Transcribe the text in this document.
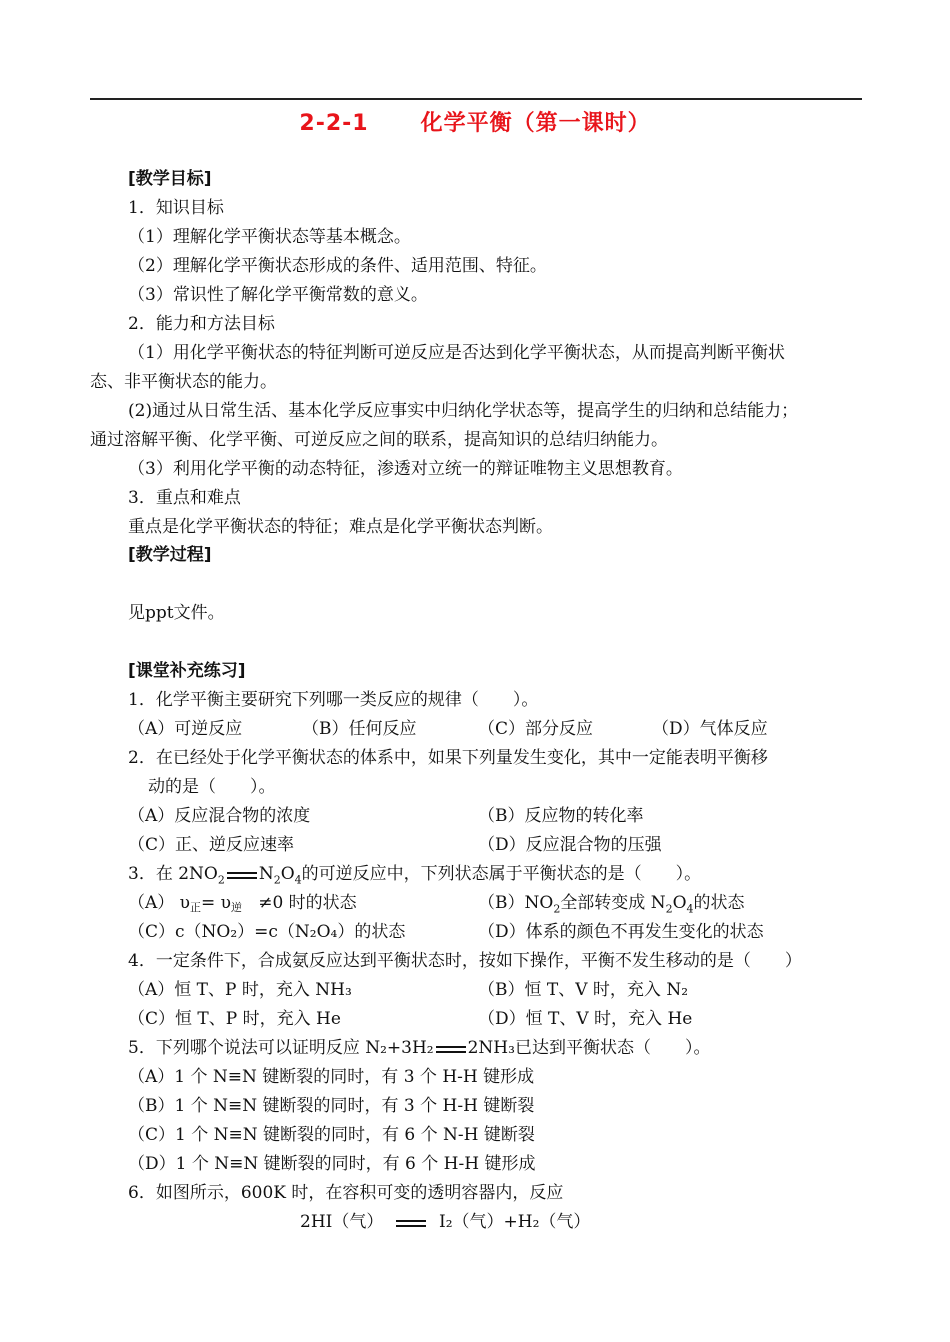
2-2-1 化学平衡（第一课时）
[教学目标]
1．知识目标
（1）理解化学平衡状态等基本概念。
（2）理解化学平衡状态形成的条件、适用范围、特征。
（3）常识性了解化学平衡常数的意义。
2．能力和方法目标
（1）用化学平衡状态的特征判断可逆反应是否达到化学平衡状态，从而提高判断平衡状
态、非平衡状态的能力。
(2)通过从日常生活、基本化学反应事实中归纳化学状态等，提高学生的归纳和总结能力；
通过溶解平衡、化学平衡、可逆反应之间的联系，提高知识的总结归纳能力。
（3）利用化学平衡的动态特征，渗透对立统一的辩证唯物主义思想教育。
3．重点和难点
重点是化学平衡状态的特征；难点是化学平衡状态判断。
[教学过程]
见ppt文件。
[课堂补充练习]
1．化学平衡主要研究下列哪一类反应的规律（　　）。
（A）可逆反应	（B）任何反应	（C）部分反应	（D）气体反应
2．在已经处于化学平衡状态的体系中，如果下列量发生变化，其中一定能表明平衡移
动的是（　　）。
（A）反应混合物的浓度	（B）反应物的转化率
（C）正、逆反应速率	（D）反应混合物的压强
3．在 $2NO_2$ $N_2O_4$的可逆反应中，下列状态属于平衡状态的是（　　）。
（A） υ正= υ逆 ≠0 时的状态	$(B)NO_2$全部转变成 $N_2O_4$的状态
（C）c（NO₂）=c（N₂O₄）的状态	（D）体系的颜色不再发生变化的状态
4．一定条件下，合成氨反应达到平衡状态时，按如下操作，平衡不发生移动的是（　　）
（A）恒 T、P 时，充入 NH₃	（B）恒 T、V 时，充入 N₂
（C）恒 T、P 时，充入 He	（D）恒 T、V 时，充入 He
5．下列哪个说法可以证明反应 N₂+3H₂ 2NH₃已达到平衡状态（　　）。
（A）1 个 N≡N 键断裂的同时，有 3 个 H-H 键形成
（B）1 个 N≡N 键断裂的同时，有 3 个 H-H 键断裂
（C）1 个 N≡N 键断裂的同时，有 6 个 N-H 键断裂
（D）1 个 N≡N 键断裂的同时，有 6 个 H-H 键形成
6．如图所示，600K 时，在容积可变的透明容器内，反应
2HI（气）	I₂（气）+H₂（气）
